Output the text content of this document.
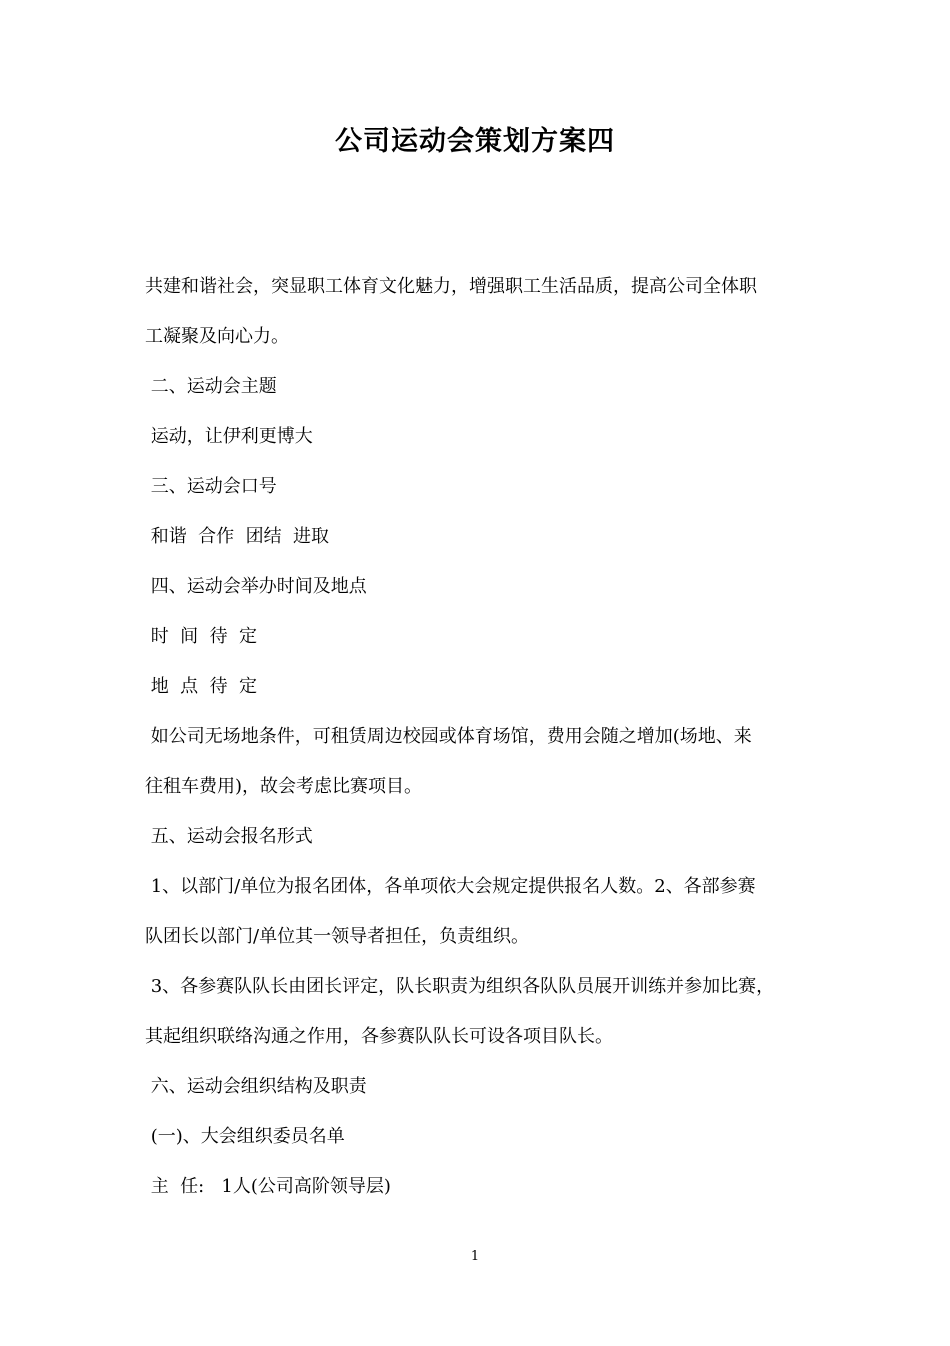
公司运动会策划方案四

共建和谐社会，突显职工体育文化魅力，增强职工生活品质，提高公司全体职

工凝聚及向心力。

二、运动会主题

运动，让伊利更博大

三、运动会口号

和谐  合作  团结  进取

四、运动会举办时间及地点

时  间  待  定

地  点  待  定

如公司无场地条件，可租赁周边校园或体育场馆，费用会随之增加(场地、来

往租车费用)，故会考虑比赛项目。

五、运动会报名形式

1、以部门/单位为报名团体，各单项依大会规定提供报名人数。2、各部参赛

队团长以部门/单位其一领导者担任，负责组织。

3、各参赛队队长由团长评定，队长职责为组织各队队员展开训练并参加比赛，

其起组织联络沟通之作用，各参赛队队长可设各项目队长。

六、运动会组织结构及职责

(一)、大会组织委员名单

主  任:   1人(公司高阶领导层)

1
